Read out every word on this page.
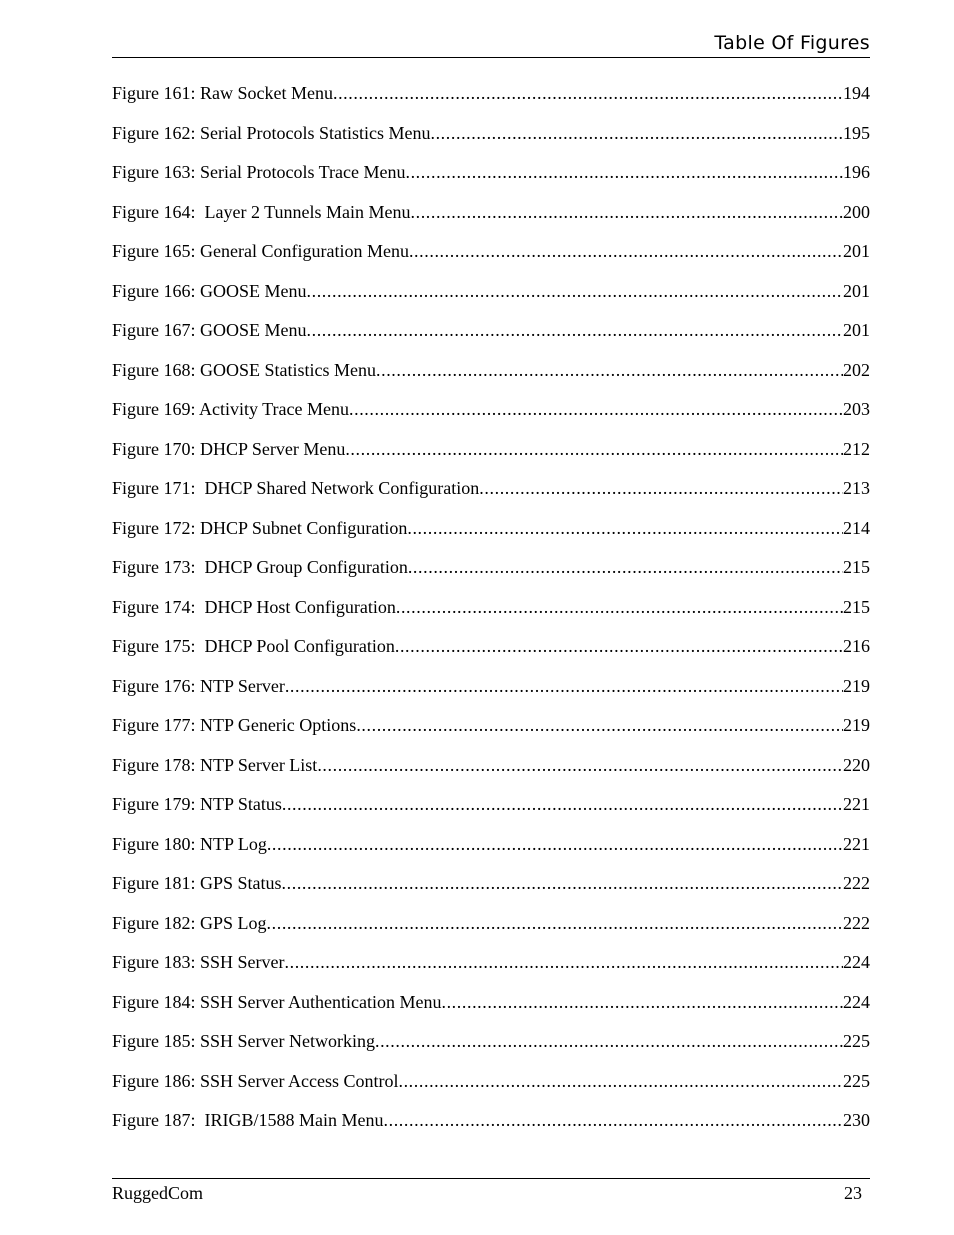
Table Of Figures
Figure 161: Raw Socket Menu .....	194
Figure 162: Serial Protocols Statistics Menu .....	195
Figure 163: Serial Protocols Trace Menu .....	196
Figure 164:  Layer 2 Tunnels Main Menu .....	200
Figure 165: General Configuration Menu .....	201
Figure 166: GOOSE Menu .....	201
Figure 167: GOOSE Menu .....	201
Figure 168: GOOSE Statistics Menu .....	202
Figure 169: Activity Trace Menu .....	203
Figure 170: DHCP Server Menu .....	212
Figure 171:  DHCP Shared Network Configuration .....	213
Figure 172: DHCP Subnet Configuration .....	214
Figure 173:  DHCP Group Configuration .....	215
Figure 174:  DHCP Host Configuration .....	215
Figure 175:  DHCP Pool Configuration .....	216
Figure 176: NTP Server .....	219
Figure 177: NTP Generic Options .....	219
Figure 178: NTP Server List .....	220
Figure 179: NTP Status .....	221
Figure 180: NTP Log .....	221
Figure 181: GPS Status .....	222
Figure 182: GPS Log .....	222
Figure 183: SSH Server .....	224
Figure 184: SSH Server Authentication Menu .....	224
Figure 185: SSH Server Networking .....	225
Figure 186: SSH Server Access Control .....	225
Figure 187:  IRIGB/1588 Main Menu .....	230
RuggedCom	23
